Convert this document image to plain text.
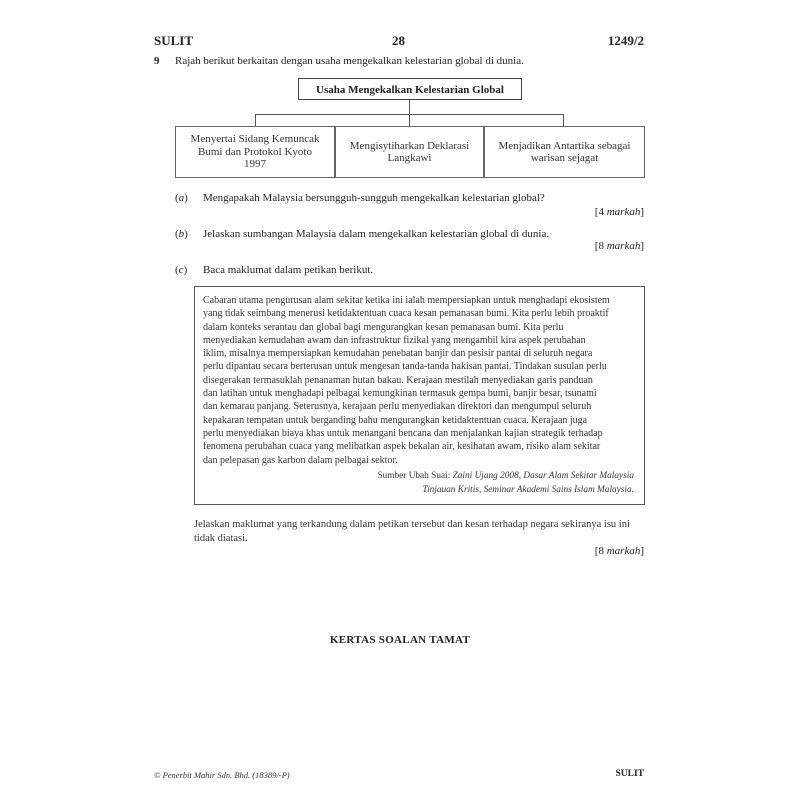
SULIT	28	1249/2
9 Rajah berikut berkaitan dengan usaha mengekalkan kelestarian global di dunia.
Usaha Mengekalkan Kelestarian Global
Menyertai Sidang Kemuncak
Bumi dan Protokol Kyoto
1997
Mengisytiharkan Deklarasi
Langkawi
Menjadikan Antartika sebagai
warisan sejagat
(a) Mengapakah Malaysia bersungguh-sungguh mengekalkan kelestarian global?
[4 markah]
(b) Jelaskan sumbangan Malaysia dalam mengekalkan kelestarian global di dunia.
[8 markah]
(c) Baca maklumat dalam petikan berikut.
Cabaran utama pengurusan alam sekitar ketika ini ialah mempersiapkan untuk menghadapi ekosistem
yang tidak seimbang menerusi ketidaktentuan cuaca kesan pemanasan bumi. Kita perlu lebih proaktif
dalam konteks serantau dan global bagi mengurangkan kesan pemanasan bumi. Kita perlu
menyediakan kemudahan awam dan infrastruktur fizikal yang mengambil kira aspek perubahan
iklim, misalnya mempersiapkan kemudahan penebatan banjir dan pesisir pantai di seluruh negara
perlu dipantau secara berterusan untuk mengesan tanda-tanda hakisan pantai. Tindakan susulan perlu
disegerakan termasuklah penanaman hutan bakau. Kerajaan mestilah menyediakan garis panduan
dan latihan untuk menghadapi pelbagai kemungkinan termasuk gempa bumi, banjir besar, tsunami
dan kemarau panjang. Seterusnya, kerajaan perlu menyediakan direktori dan mengumpul seluruh
kepakaran tempatan untuk berganding bahu mengurangkan ketidaktentuan cuaca. Kerajaan juga
perlu menyediakan biaya khas untuk menangani bencana dan menjalankan kajian strategik terhadap
fenomena perubahan cuaca yang melibatkan aspek bekalan air, kesihatan awam, risiko alam sekitar
dan pelepasan gas karbon dalam pelbagai sektor.
Sumber Ubah Suai: Zaini Ujang 2008, Dasar Alam Sekitar Malaysia
Tinjauan Kritis, Seminar Akademi Sains Islam Malaysia.
Jelaskan maklumat yang terkandung dalam petikan tersebut dan kesan terhadap negara sekiranya isu ini tidak diatasi.
[8 markah]
KERTAS SOALAN TAMAT
© Penerbit Mahir Sdn. Bhd. (18389/-P)	SULIT
